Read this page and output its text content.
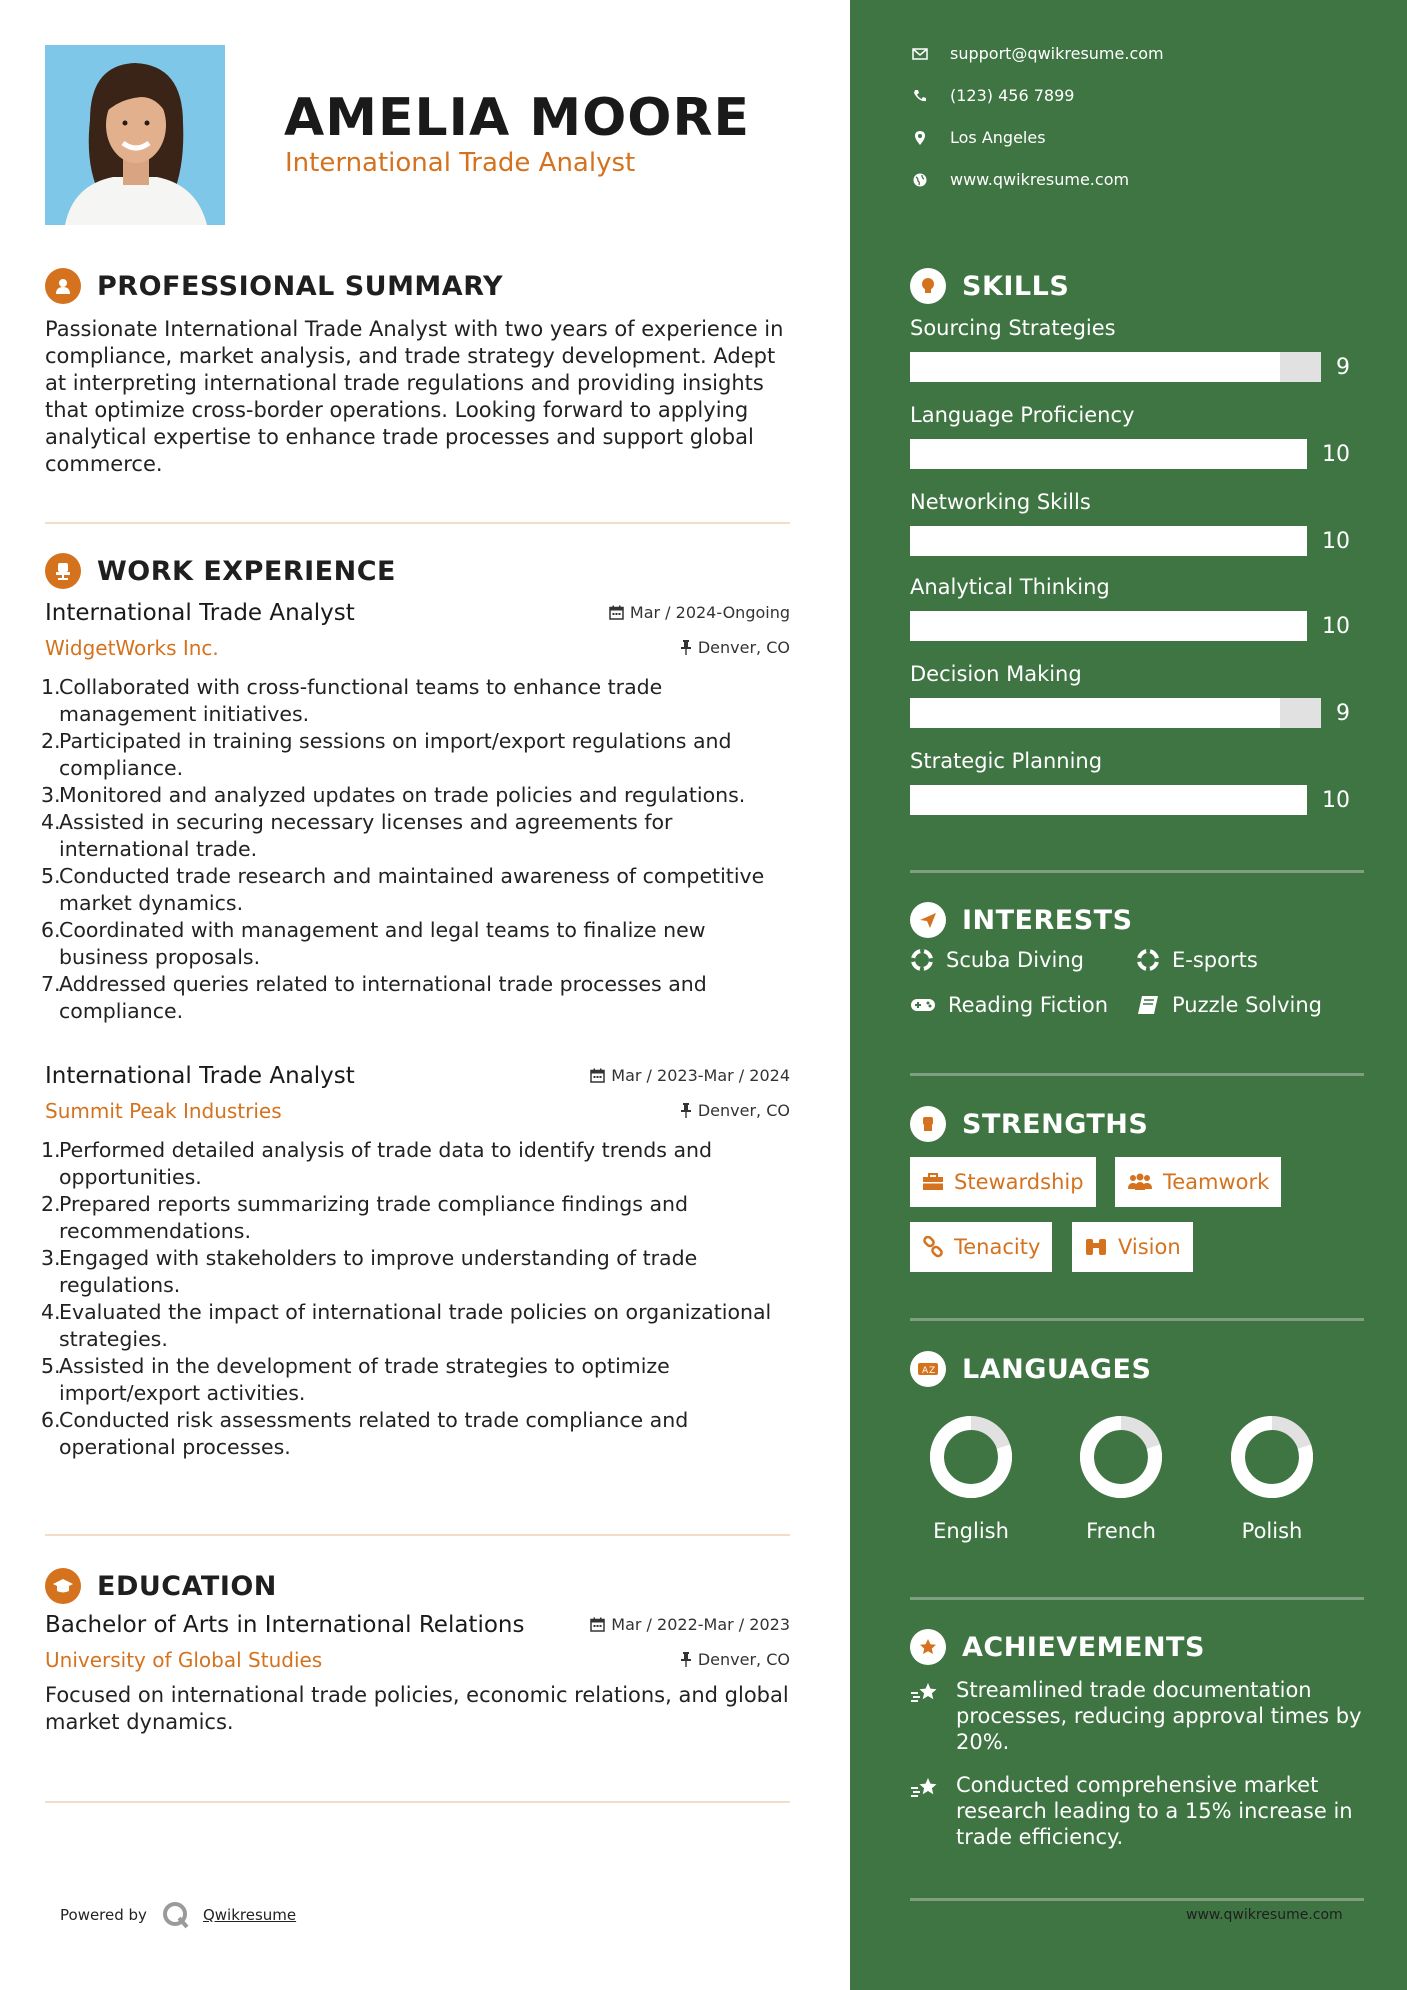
AMELIA MOORE
International Trade Analyst
PROFESSIONAL SUMMARY
Passionate International Trade Analyst with two years of experience in compliance, market analysis, and trade strategy development. Adept at interpreting international trade regulations and providing insights that optimize cross-border operations. Looking forward to applying analytical expertise to enhance trade processes and support global commerce.
WORK EXPERIENCE
International Trade Analyst	Mar / 2024-Ongoing
WidgetWorks Inc.	Denver, CO
1.
Collaborated with cross-functional teams to enhance trade management initiatives.
2.
Participated in training sessions on import/export regulations and compliance.
3.
Monitored and analyzed updates on trade policies and regulations.
4.
Assisted in securing necessary licenses and agreements for international trade.
5.
Conducted trade research and maintained awareness of competitive market dynamics.
6.
Coordinated with management and legal teams to finalize new business proposals.
7.
Addressed queries related to international trade processes and compliance.
International Trade Analyst	Mar / 2023-Mar / 2024
Summit Peak Industries	Denver, CO
1.
Performed detailed analysis of trade data to identify trends and opportunities.
2.
Prepared reports summarizing trade compliance findings and recommendations.
3.
Engaged with stakeholders to improve understanding of trade regulations.
4.
Evaluated the impact of international trade policies on organizational strategies.
5.
Assisted in the development of trade strategies to optimize import/export activities.
6.
Conducted risk assessments related to trade compliance and operational processes.
EDUCATION
Bachelor of Arts in International Relations	Mar / 2022-Mar / 2023
University of Global Studies	Denver, CO
Focused on international trade policies, economic relations, and global market dynamics.
Powered by	Qwikresume
support@qwikresume.com
(123) 456 7899
Los Angeles
www.qwikresume.com
SKILLS
Sourcing Strategies
9
Language Proficiency
10
Networking Skills
10
Analytical Thinking
10
Decision Making
9
Strategic Planning
10
INTERESTS
Scuba Diving	E-sports
Reading Fiction	Puzzle Solving
STRENGTHS
Stewardship	Teamwork
Tenacity	Vision
A Z LANGUAGES
English	French	Polish
ACHIEVEMENTS
Streamlined trade documentation processes, reducing approval times by 20%.
Conducted comprehensive market research leading to a 15% increase in trade efficiency.
www.qwikresume.com
